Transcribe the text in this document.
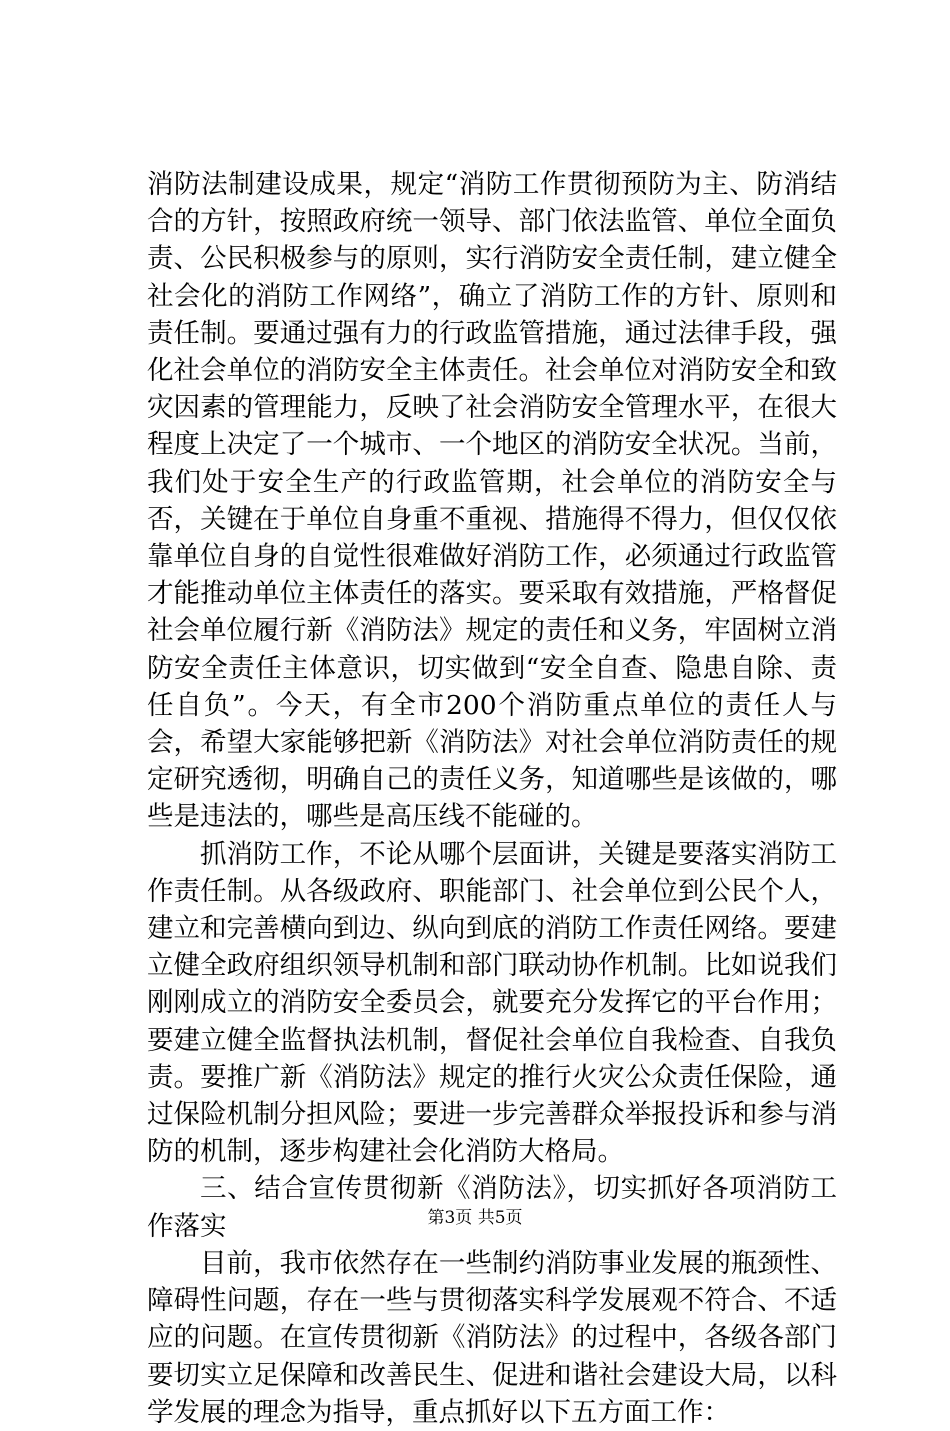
消防法制建设成果，规定“消防工作贯彻预防为主、防消结合的方针，按照政府统一领导、部门依法监管、单位全面负责、公民积极参与的原则，实行消防安全责任制，建立健全社会化的消防工作网络”，确立了消防工作的方针、原则和责任制。要通过强有力的行政监管措施，通过法律手段，强化社会单位的消防安全主体责任。社会单位对消防安全和致灾因素的管理能力，反映了社会消防安全管理水平，在很大程度上决定了一个城市、一个地区的消防安全状况。当前，我们处于安全生产的行政监管期，社会单位的消防安全与否，关键在于单位自身重不重视、措施得不得力，但仅仅依靠单位自身的自觉性很难做好消防工作，必须通过行政监管才能推动单位主体责任的落实。要采取有效措施，严格督促社会单位履行新《消防法》规定的责任和义务，牢固树立消防安全责任主体意识，切实做到“安全自查、隐患自除、责任自负”。今天，有全市200个消防重点单位的责任人与会，希望大家能够把新《消防法》对社会单位消防责任的规定研究透彻，明确自己的责任义务，知道哪些是该做的，哪些是违法的，哪些是高压线不能碰的。

抓消防工作，不论从哪个层面讲，关键是要落实消防工作责任制。从各级政府、职能部门、社会单位到公民个人，建立和完善横向到边、纵向到底的消防工作责任网络。要建立健全政府组织领导机制和部门联动协作机制。比如说我们刚刚成立的消防安全委员会，就要充分发挥它的平台作用；要建立健全监督执法机制，督促社会单位自我检查、自我负责。要推广新《消防法》规定的推行火灾公众责任保险，通过保险机制分担风险；要进一步完善群众举报投诉和参与消防的机制，逐步构建社会化消防大格局。

三、结合宣传贯彻新《消防法》，切实抓好各项消防工作落实

目前，我市依然存在一些制约消防事业发展的瓶颈性、障碍性问题，存在一些与贯彻落实科学发展观不符合、不适应的问题。在宣传贯彻新《消防法》的过程中，各级各部门要切实立足保障和改善民生、促进和谐社会建设大局，以科学发展的理念为指导，重点抓好以下五方面工作：

第3页 共5页
